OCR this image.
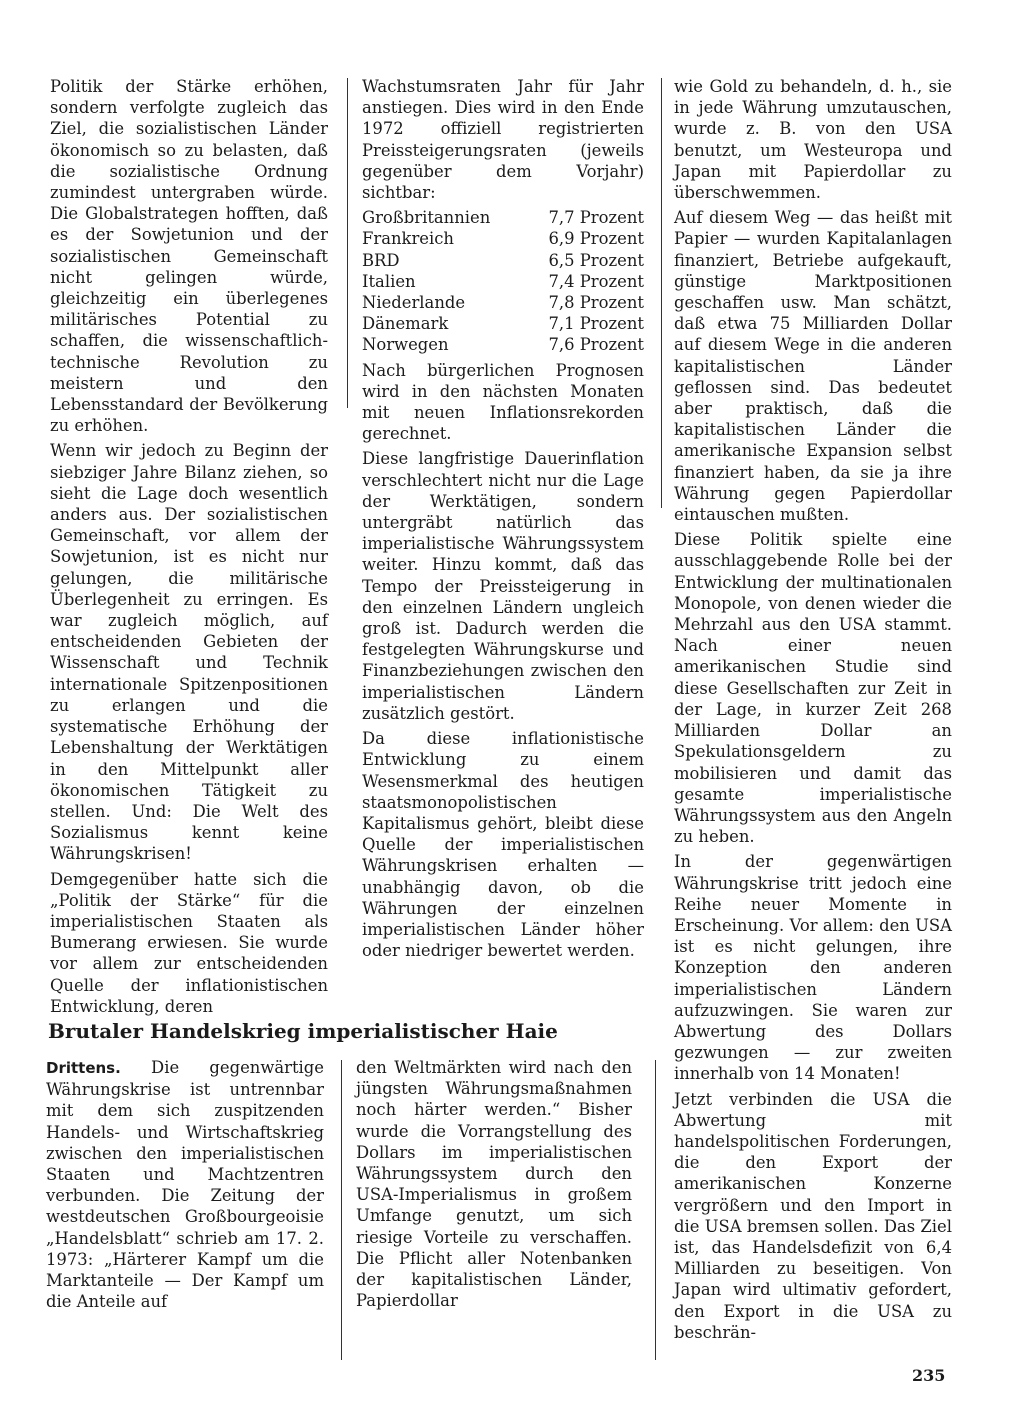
Politik der Stärke erhöhen, sondern verfolgte zugleich das Ziel, die sozialistischen Länder ökonomisch so zu belasten, daß die sozialistische Ordnung zumindest untergraben würde. Die Globalstrategen hofften, daß es der Sowjetunion und der sozialistischen Gemeinschaft nicht gelingen würde, gleichzeitig ein überlegenes militärisches Potential zu schaffen, die wissenschaftlich-technische Revolution zu meistern und den Lebensstandard der Bevölkerung zu erhöhen.

Wenn wir jedoch zu Beginn der siebziger Jahre Bilanz ziehen, so sieht die Lage doch wesentlich anders aus. Der sozialistischen Gemeinschaft, vor allem der Sowjetunion, ist es nicht nur gelungen, die militärische Überlegenheit zu erringen. Es war zugleich möglich, auf entscheidenden Gebieten der Wissenschaft und Technik internationale Spitzenpositionen zu erlangen und die systematische Erhöhung der Lebenshaltung der Werktätigen in den Mittelpunkt aller ökonomischen Tätigkeit zu stellen. Und: Die Welt des Sozialismus kennt keine Währungskrisen!

Demgegenüber hatte sich die „Politik der Stärke“ für die imperialistischen Staaten als Bumerang erwiesen. Sie wurde vor allem zur entscheidenden Quelle der inflationistischen Entwicklung, deren

Wachstumsraten Jahr für Jahr anstiegen. Dies wird in den Ende 1972 offiziell registrierten Preissteigerungsraten (jeweils gegenüber dem Vorjahr) sichtbar:

Großbritannien	7,7 Prozent
Frankreich	6,9 Prozent
BRD	6,5 Prozent
Italien	7,4 Prozent
Niederlande	7,8 Prozent
Dänemark	7,1 Prozent
Norwegen	7,6 Prozent

Nach bürgerlichen Prognosen wird in den nächsten Monaten mit neuen Inflationsrekorden gerechnet.

Diese langfristige Dauerinflation verschlechtert nicht nur die Lage der Werktätigen, sondern untergräbt natürlich das imperialistische Währungssystem weiter. Hinzu kommt, daß das Tempo der Preissteigerung in den einzelnen Ländern ungleich groß ist. Dadurch werden die festgelegten Währungskurse und Finanzbeziehungen zwischen den imperialistischen Ländern zusätzlich gestört.

Da diese inflationistische Entwicklung zu einem Wesensmerkmal des heutigen staatsmonopolistischen Kapitalismus gehört, bleibt diese Quelle der imperialistischen Währungskrisen erhalten — unabhängig davon, ob die Währungen der einzelnen imperialistischen Länder höher oder niedriger bewertet werden.

wie Gold zu behandeln, d. h., sie in jede Währung umzutauschen, wurde z. B. von den USA benutzt, um Westeuropa und Japan mit Papierdollar zu überschwemmen.

Auf diesem Weg — das heißt mit Papier — wurden Kapitalanlagen finanziert, Betriebe aufgekauft, günstige Marktpositionen geschaffen usw. Man schätzt, daß etwa 75 Milliarden Dollar auf diesem Wege in die anderen kapitalistischen Länder geflossen sind. Das bedeutet aber praktisch, daß die kapitalistischen Länder die amerikanische Expansion selbst finanziert haben, da sie ja ihre Währung gegen Papierdollar eintauschen mußten.

Diese Politik spielte eine ausschlaggebende Rolle bei der Entwicklung der multinationalen Monopole, von denen wieder die Mehrzahl aus den USA stammt. Nach einer neuen amerikanischen Studie sind diese Gesellschaften zur Zeit in der Lage, in kurzer Zeit 268 Milliarden Dollar an Spekulationsgeldern zu mobilisieren und damit das gesamte imperialistische Währungssystem aus den Angeln zu heben.

In der gegenwärtigen Währungskrise tritt jedoch eine Reihe neuer Momente in Erscheinung. Vor allem: den USA ist es nicht gelungen, ihre Konzeption den anderen imperialistischen Ländern aufzuzwingen. Sie waren zur Abwertung des Dollars gezwungen — zur zweiten innerhalb von 14 Monaten!

Jetzt verbinden die USA die Abwertung mit handelspolitischen Forderungen, die den Export der amerikanischen Konzerne vergrößern und den Import in die USA bremsen sollen. Das Ziel ist, das Handelsdefizit von 6,4 Milliarden zu beseitigen. Von Japan wird ultimativ gefordert, den Export in die USA zu beschrän-

Brutaler Handelskrieg imperialistischer Haie

Drittens. Die gegenwärtige Währungskrise ist untrennbar mit dem sich zuspitzenden Handels- und Wirtschaftskrieg zwischen den imperialistischen Staaten und Machtzentren verbunden. Die Zeitung der westdeutschen Großbourgeoisie „Handelsblatt“ schrieb am 17. 2. 1973: „Härterer Kampf um die Marktanteile — Der Kampf um die Anteile auf

den Weltmärkten wird nach den jüngsten Währungsmaßnahmen noch härter werden.“ Bisher wurde die Vorrangstellung des Dollars im imperialistischen Währungssystem durch den USA-Imperialismus in großem Umfange genutzt, um sich riesige Vorteile zu verschaffen. Die Pflicht aller Notenbanken der kapitalistischen Länder, Papierdollar

235
